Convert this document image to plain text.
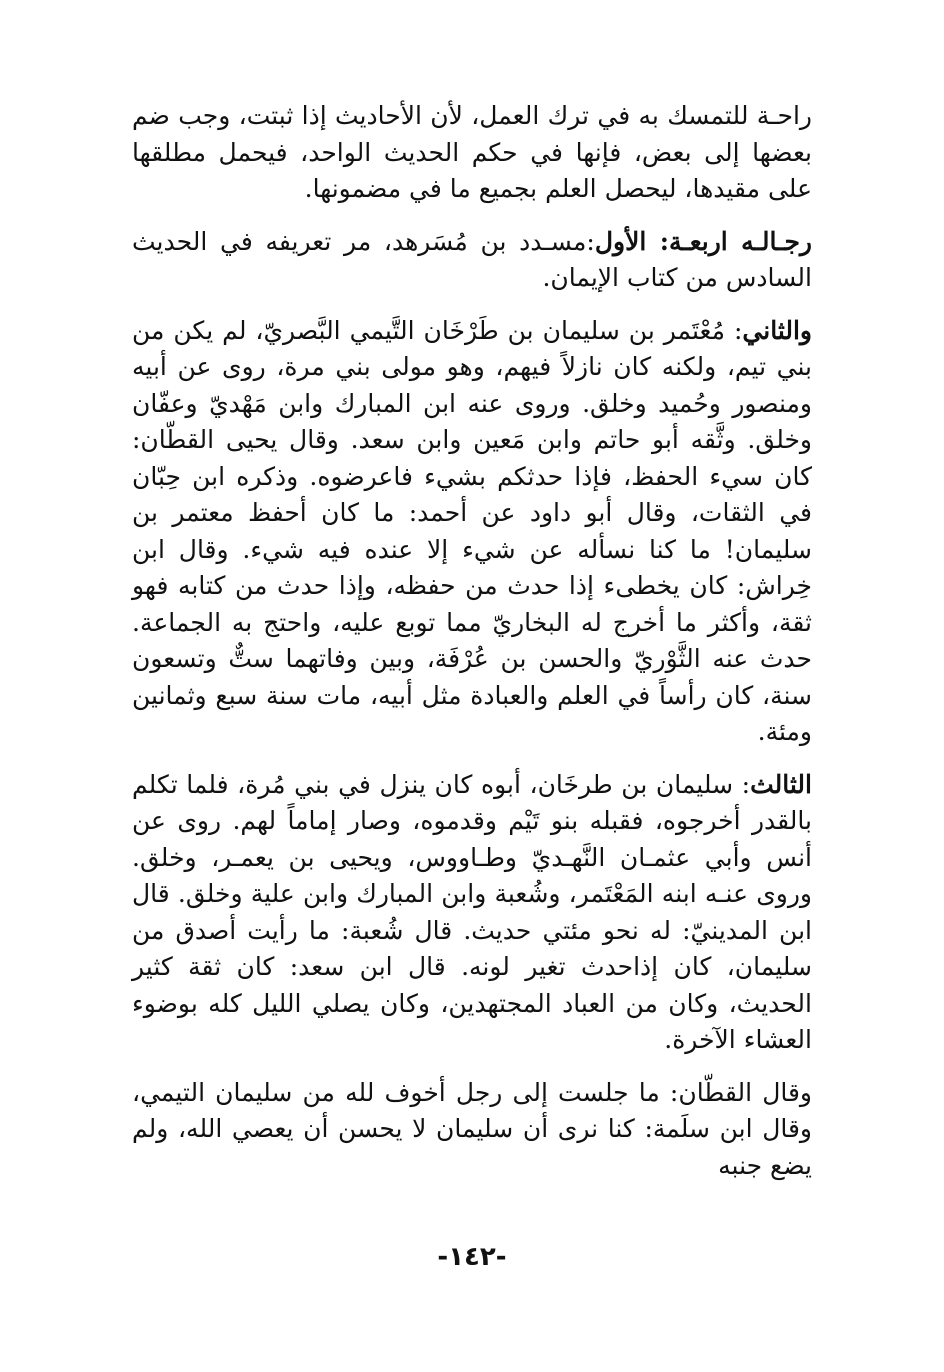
راحـة للتمسك به في ترك العمل، لأن الأحاديث إذا ثبتت، وجب ضم بعضها إلى بعض، فإنها في حكم الحديث الواحد، فيحمل مطلقها على مقيدها، ليحصل العلم بجميع ما في مضمونها.

رجـالـه اربعـة: الأول:مسـدد بن مُسَرهد، مر تعريفه في الحديث السادس من كتاب الإيمان.

والثاني: مُعْتَمر بن سليمان بن طَرْخَان التَّيمي البَّصريّ، لم يكن من بني تيم، ولكنه كان نازلاً فيهم، وهو مولى بني مرة، روى عن أبيه ومنصور وحُميد وخلق. وروى عنه ابن المبارك وابن مَهْديّ وعفّان وخلق. وثَّقه أبو حاتم وابن مَعين وابن سعد. وقال يحيى القطّان: كان سيء الحفظ، فإذا حدثكم بشيء فاعرضوه. وذكره ابن حِبّان في الثقات، وقال أبو داود عن أحمد: ما كان أحفظ معتمر بن سليمان! ما كنا نسأله عن شيء إلا عنده فيه شيء. وقال ابن خِراش: كان يخطىء إذا حدث من حفظه، وإذا حدث من كتابه فهو ثقة، وأكثر ما أخرج له البخاريّ مما توبع عليه، واحتج به الجماعة. حدث عنه الثَّوْريّ والحسن بن عُرْفَة، وبين وفاتهما ستٌّ وتسعون سنة، كان رأساً في العلم والعبادة مثل أبيه، مات سنة سبع وثمانين ومئة.

الثالث: سليمان بن طرخَان، أبوه كان ينزل في بني مُرة، فلما تكلم بالقدر أخرجوه، فقبله بنو تَيْم وقدموه، وصار إماماً لهم. روى عن أنس وأبي عثمـان النَّهـديّ وطـاووس، ويحيى بن يعمـر، وخلق. وروى عنـه ابنه المَعْتَمر، وشُعبة وابن المبارك وابن علية وخلق. قال ابن المدينيّ: له نحو مئتي حديث. قال شُعبة: ما رأيت أصدق من سليمان، كان إذاحدث تغير لونه. قال ابن سعد: كان ثقة كثير الحديث، وكان من العباد المجتهدين، وكان يصلي الليل كله بوضوء العشاء الآخرة.

وقال القطّان: ما جلست إلى رجل أخوف لله من سليمان التيمي، وقال ابن سلَمة: كنا نرى أن سليمان لا يحسن أن يعصي الله، ولم يضع جنبه

-١٤٢-
